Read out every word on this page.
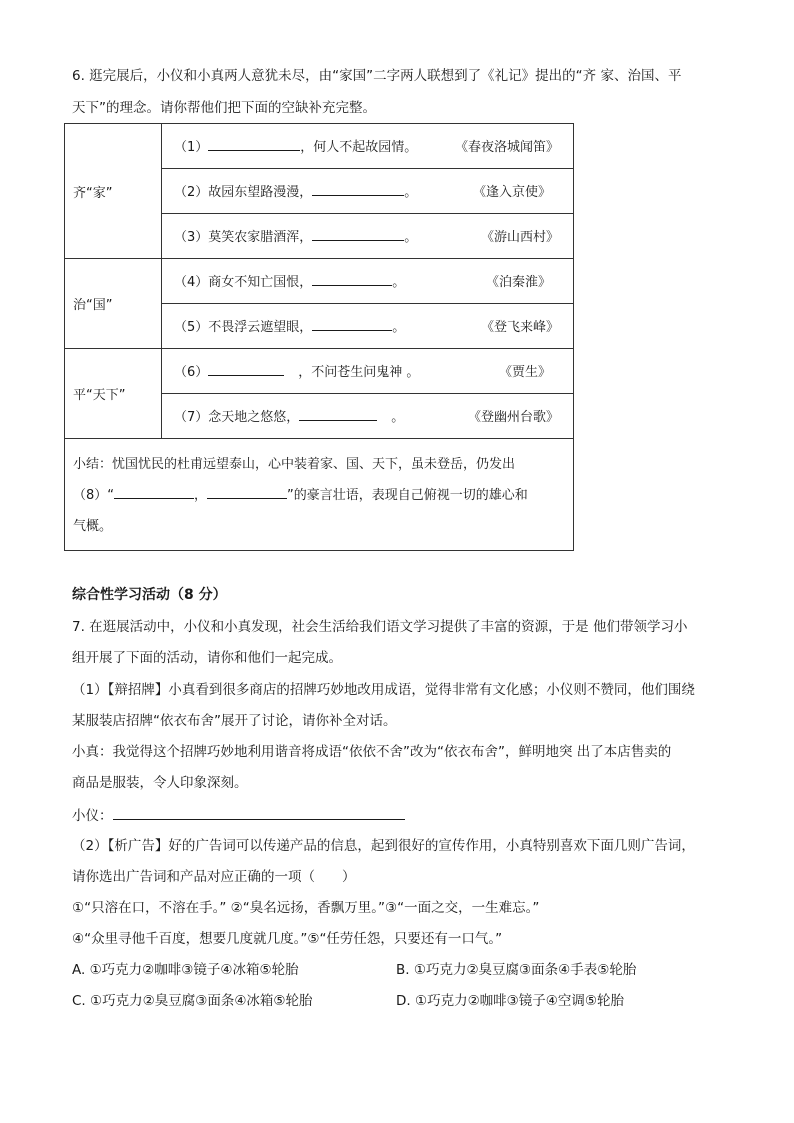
6. 逛完展后，小仪和小真两人意犹未尽，由“家国”二字两人联想到了《礼记》提出的“齐 家、治国、平
天下”的理念。请你帮他们把下面的空缺补充完整。
齐“家”	（1） ，何人不起故园情。 《春夜洛城闻笛》

	（2）故园东望路漫漫， 。 《逢入京使》

	（3）莫笑农家腊酒浑， 。 《游山西村》

治“国”	（4）商女不知亡国恨， 。 《泊秦淮》

	（5）不畏浮云遮望眼， 。 《登飞来峰》

平“天下”	（6） ，不问苍生问鬼神 。 《贾生》

	（7）念天地之悠悠， 。 《登幽州台歌》

小结：忧国忧民的杜甫远望泰山，心中装着家、国、天下，虽未登岳，仍发出
（8）“ ， ”的豪言壮语，表现自己俯视一切的雄心和
气概。	
综合性学习活动（8 分）
7. 在逛展活动中，小仪和小真发现，社会生活给我们语文学习提供了丰富的资源，于是 他们带领学习小
组开展了下面的活动，请你和他们一起完成。
（1）【辩招牌】小真看到很多商店的招牌巧妙地改用成语，觉得非常有文化感；小仪则不赞同，他们围绕
某服装店招牌“依衣布舍”展开了讨论，请你补全对话。
小真：我觉得这个招牌巧妙地利用谐音将成语“依依不舍”改为“依衣布舍”，鲜明地突 出了本店售卖的
商品是服装，令人印象深刻。
小仪：
（2）【析广告】好的广告词可以传递产品的信息，起到很好的宣传作用，小真特别喜欢下面几则广告词，
请你选出广告词和产品对应正确的一项（　　）
①“只溶在口，不溶在手。” ②“臭名远扬，香飘万里。”③“一面之交，一生难忘。”
④“众里寻他千百度，想要几度就几度。”⑤“任劳任怨，只要还有一口气。”
A. ①巧克力②咖啡③镜子④冰箱⑤轮胎	B. ①巧克力②臭豆腐③面条④手表⑤轮胎
C. ①巧克力②臭豆腐③面条④冰箱⑤轮胎	D. ①巧克力②咖啡③镜子④空调⑤轮胎
